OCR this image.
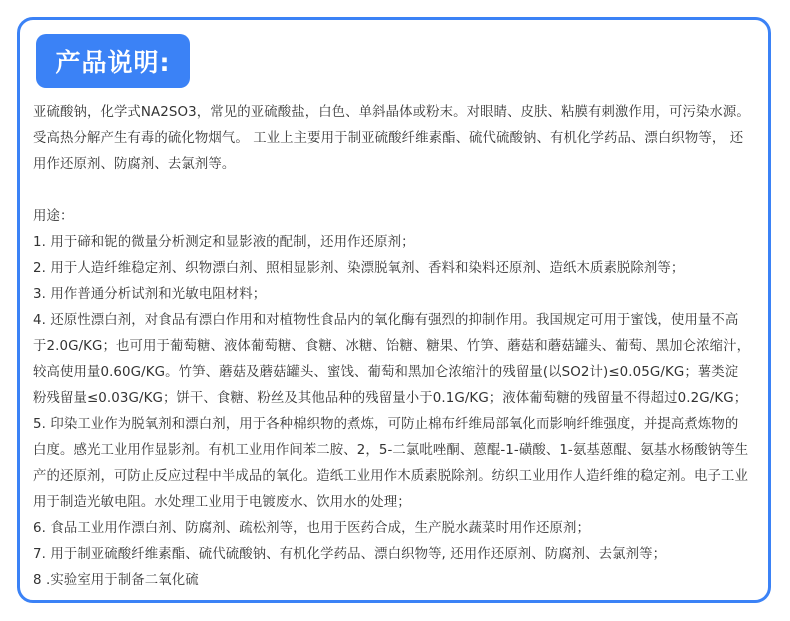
产品说明:

亚硫酸钠，化学式NA2SO3，常见的亚硫酸盐，白色、单斜晶体或粉末。对眼睛、皮肤、粘膜有刺激作用，可污染水源。受高热分解产生有毒的硫化物烟气。 工业上主要用于制亚硫酸纤维素酯、硫代硫酸钠、有机化学药品、漂白织物等， 还用作还原剂、防腐剂、去氯剂等。

用途：

1. 用于碲和铌的微量分析测定和显影液的配制，还用作还原剂；

2. 用于人造纤维稳定剂、织物漂白剂、照相显影剂、染漂脱氧剂、香料和染料还原剂、造纸木质素脱除剂等；

3. 用作普通分析试剂和光敏电阻材料；

4. 还原性漂白剂，对食品有漂白作用和对植物性食品内的氧化酶有强烈的抑制作用。我国规定可用于蜜饯，使用量不高于2.0G/KG；也可用于葡萄糖、液体葡萄糖、食糖、冰糖、饴糖、糖果、竹笋、蘑菇和蘑菇罐头、葡萄、黑加仑浓缩汁，较高使用量0.60G/KG。竹笋、蘑菇及蘑菇罐头、蜜饯、葡萄和黑加仑浓缩汁的残留量(以SO2计)≤0.05G/KG；薯类淀粉残留量≤0.03G/KG；饼干、食糖、粉丝及其他品种的残留量小于0.1G/KG；液体葡萄糖的残留量不得超过0.2G/KG；

5. 印染工业作为脱氧剂和漂白剂，用于各种棉织物的煮炼，可防止棉布纤维局部氧化而影响纤维强度，并提高煮炼物的白度。感光工业用作显影剂。有机工业用作间苯二胺、2，5-二氯吡唑酮、蒽醌-1-磺酸、1-氨基蒽醌、氨基水杨酸钠等生产的还原剂，可防止反应过程中半成品的氧化。造纸工业用作木质素脱除剂。纺织工业用作人造纤维的稳定剂。电子工业用于制造光敏电阻。水处理工业用于电镀废水、饮用水的处理；

6. 食品工业用作漂白剂、防腐剂、疏松剂等，也用于医药合成，生产脱水蔬菜时用作还原剂；

7. 用于制亚硫酸纤维素酯、硫代硫酸钠、有机化学药品、漂白织物等, 还用作还原剂、防腐剂、去氯剂等；

8 .实验室用于制备二氧化硫
